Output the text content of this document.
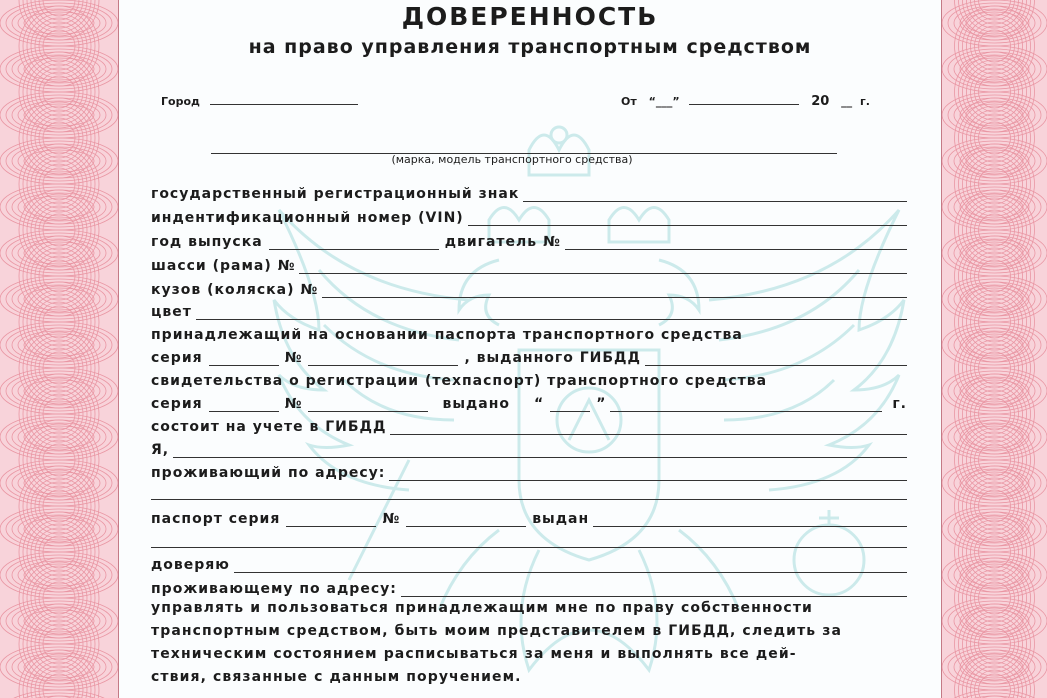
ДОВЕРЕННОСТЬ
на право управления транспортным средством
Город	От “___”	20 __ г.
(марка, модель транспортного средства)
государственный регистрационный знак
индентификационный номер (VIN)
год выпуска	двигатель №
шасси (рама) №
кузов (коляска) №
цвет
принадлежащий на основании паспорта транспортного средства
серия	№	, выданного ГИБДД
свидетельства о регистрации (техпаспорт) транспортного средства
серия	№	выдано “	”	г.
состоит на учете в ГИБДД
Я,
проживающий по адресу:
паспорт серия	№	выдан
доверяю
проживающему по адресу:
управлять и пользоваться принадлежащим мне по праву собственности
транспортным средством, быть моим представителем в ГИБДД, следить за
техническим состоянием расписываться за меня и выполнять все дей-
ствия, связанные с данным поручением.
